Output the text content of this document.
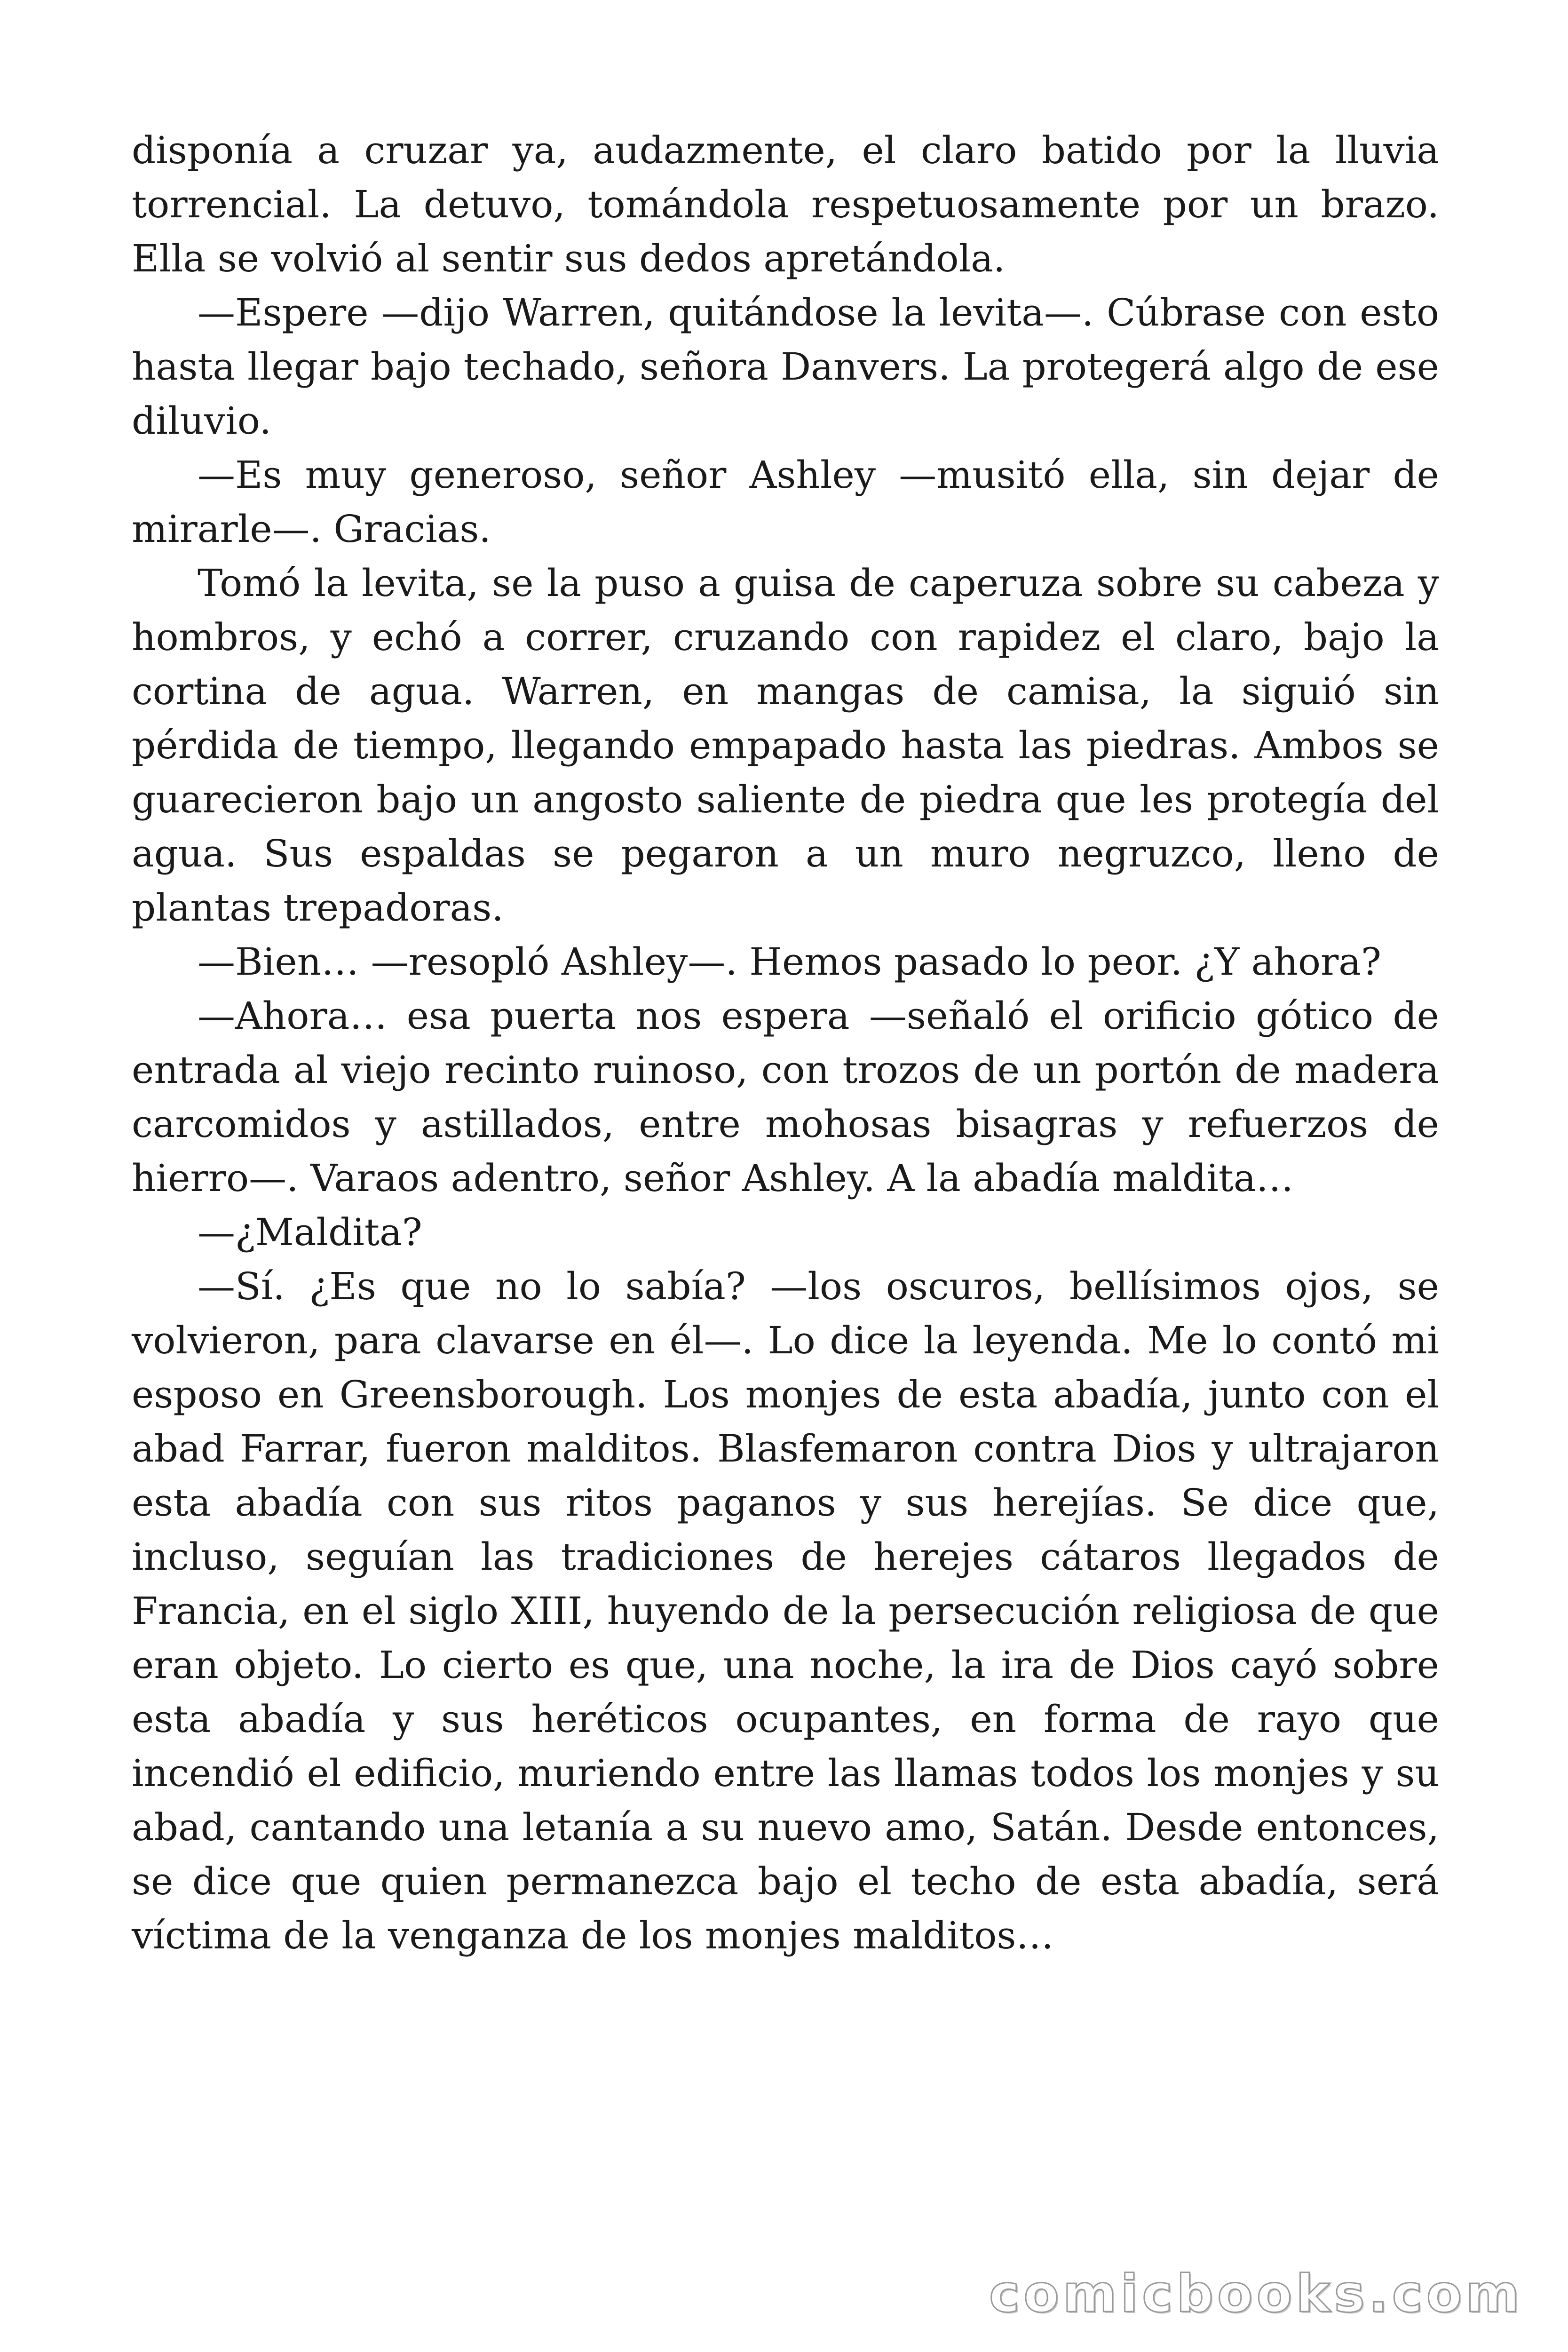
disponía a cruzar ya, audazmente, el claro batido por la lluvia torrencial. La detuvo, tomándola respetuosamente por un brazo. Ella se volvió al sentir sus dedos apretándola.

—Espere —dijo Warren, quitándose la levita—. Cúbrase con esto hasta llegar bajo techado, señora Danvers. La protegerá algo de ese diluvio.

—Es muy generoso, señor Ashley —musitó ella, sin dejar de mirarle—. Gracias.

Tomó la levita, se la puso a guisa de caperuza sobre su cabeza y hombros, y echó a correr, cruzando con rapidez el claro, bajo la cortina de agua. Warren, en mangas de camisa, la siguió sin pérdida de tiempo, llegando empapado hasta las piedras. Ambos se guarecieron bajo un angosto saliente de piedra que les protegía del agua. Sus espaldas se pegaron a un muro negruzco, lleno de plantas trepadoras.

—Bien… —resopló Ashley—. Hemos pasado lo peor. ¿Y ahora?

—Ahora… esa puerta nos espera —señaló el orificio gótico de entrada al viejo recinto ruinoso, con trozos de un portón de madera carcomidos y astillados, entre mohosas bisagras y refuerzos de hierro—. Varaos adentro, señor Ashley. A la abadía maldita…

—¿Maldita?

—Sí. ¿Es que no lo sabía? —los oscuros, bellísimos ojos, se volvieron, para clavarse en él—. Lo dice la leyenda. Me lo contó mi esposo en Greensborough. Los monjes de esta abadía, junto con el abad Farrar, fueron malditos. Blasfemaron contra Dios y ultrajaron esta abadía con sus ritos paganos y sus herejías. Se dice que, incluso, seguían las tradiciones de herejes cátaros llegados de Francia, en el siglo XIII, huyendo de la persecución religiosa de que eran objeto. Lo cierto es que, una noche, la ira de Dios cayó sobre esta abadía y sus heréticos ocupantes, en forma de rayo que incendió el edificio, muriendo entre las llamas todos los monjes y su abad, cantando una letanía a su nuevo amo, Satán. Desde entonces, se dice que quien permanezca bajo el techo de esta abadía, será víctima de la venganza de los monjes malditos…

comicbooks.com
